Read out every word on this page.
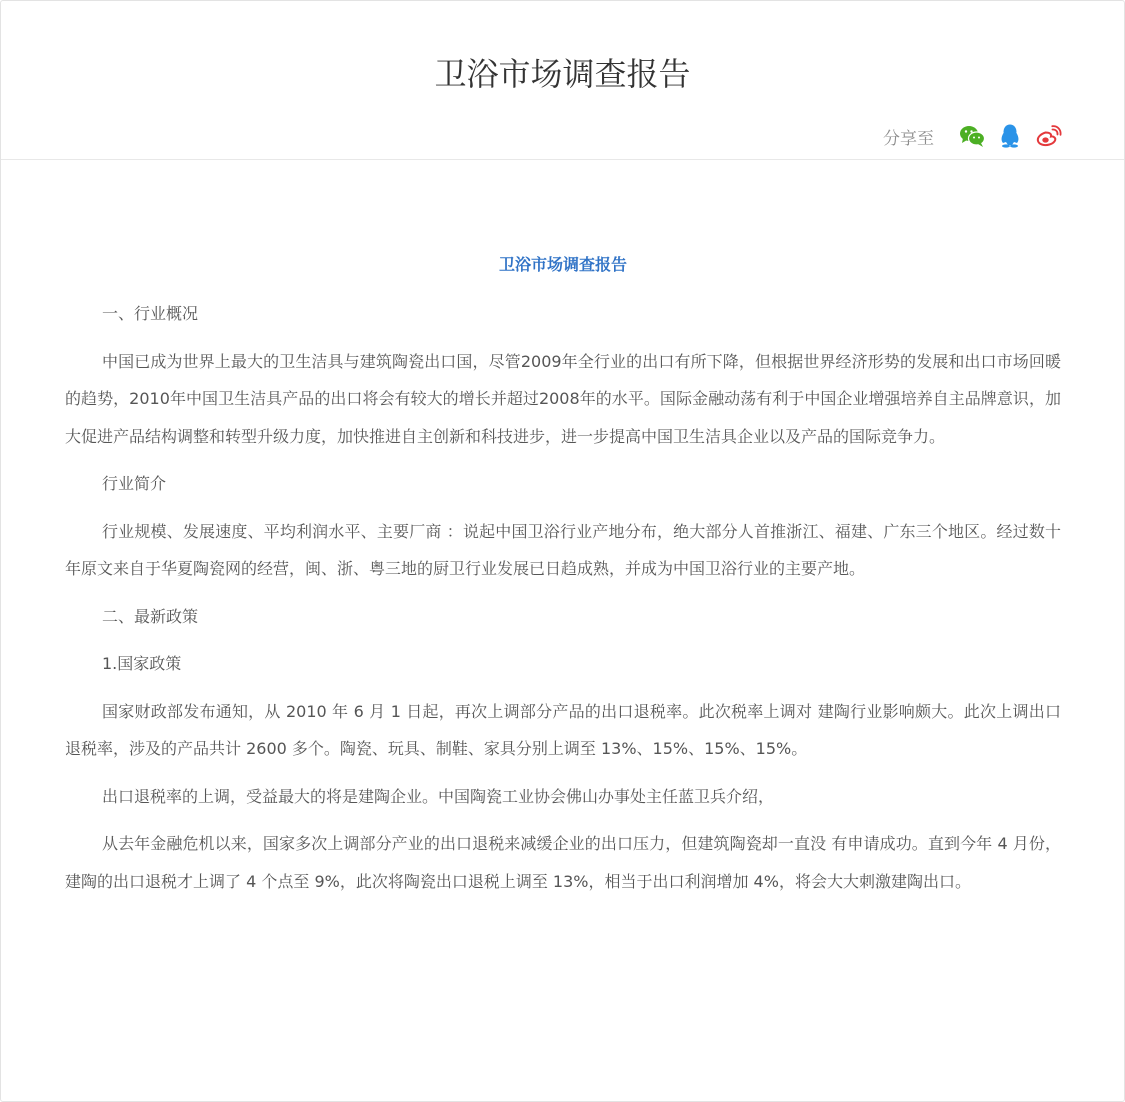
卫浴市场调查报告
分享至
卫浴市场调查报告

一、行业概况

中国已成为世界上最大的卫生洁具与建筑陶瓷出口国，尽管2009年全行业的出口有所下降，但根据世界经济形势的发展和出口市场回暖的趋势，2010年中国卫生洁具产品的出口将会有较大的增长并超过2008年的水平。国际金融动荡有利于中国企业增强培养自主品牌意识，加大促进产品结构调整和转型升级力度，加快推进自主创新和科技进步，进一步提高中国卫生洁具企业以及产品的国际竞争力。

行业简介

行业规模、发展速度、平均利润水平、主要厂商 ：说起中国卫浴行业产地分布，绝大部分人首推浙江、福建、广东三个地区。经过数十年原文来自于华夏陶瓷网的经营，闽、浙、粤三地的厨卫行业发展已日趋成熟，并成为中国卫浴行业的主要产地。

二、最新政策

1.国家政策

国家财政部发布通知，从 2010 年 6 月 1 日起，再次上调部分产品的出口退税率。此次税率上调对 建陶行业影响颇大。此次上调出口退税率，涉及的产品共计 2600 多个。陶瓷、玩具、制鞋、家具分别上调至 13%、15%、15%、15%。

出口退税率的上调，受益最大的将是建陶企业。中国陶瓷工业协会佛山办事处主任蓝卫兵介绍，

从去年金融危机以来，国家多次上调部分产业的出口退税来减缓企业的出口压力，但建筑陶瓷却一直没 有申请成功。直到今年 4 月份，建陶的出口退税才上调了 4 个点至 9%，此次将陶瓷出口退税上调至 13%，相当于出口利润增加 4%，将会大大刺激建陶出口。
